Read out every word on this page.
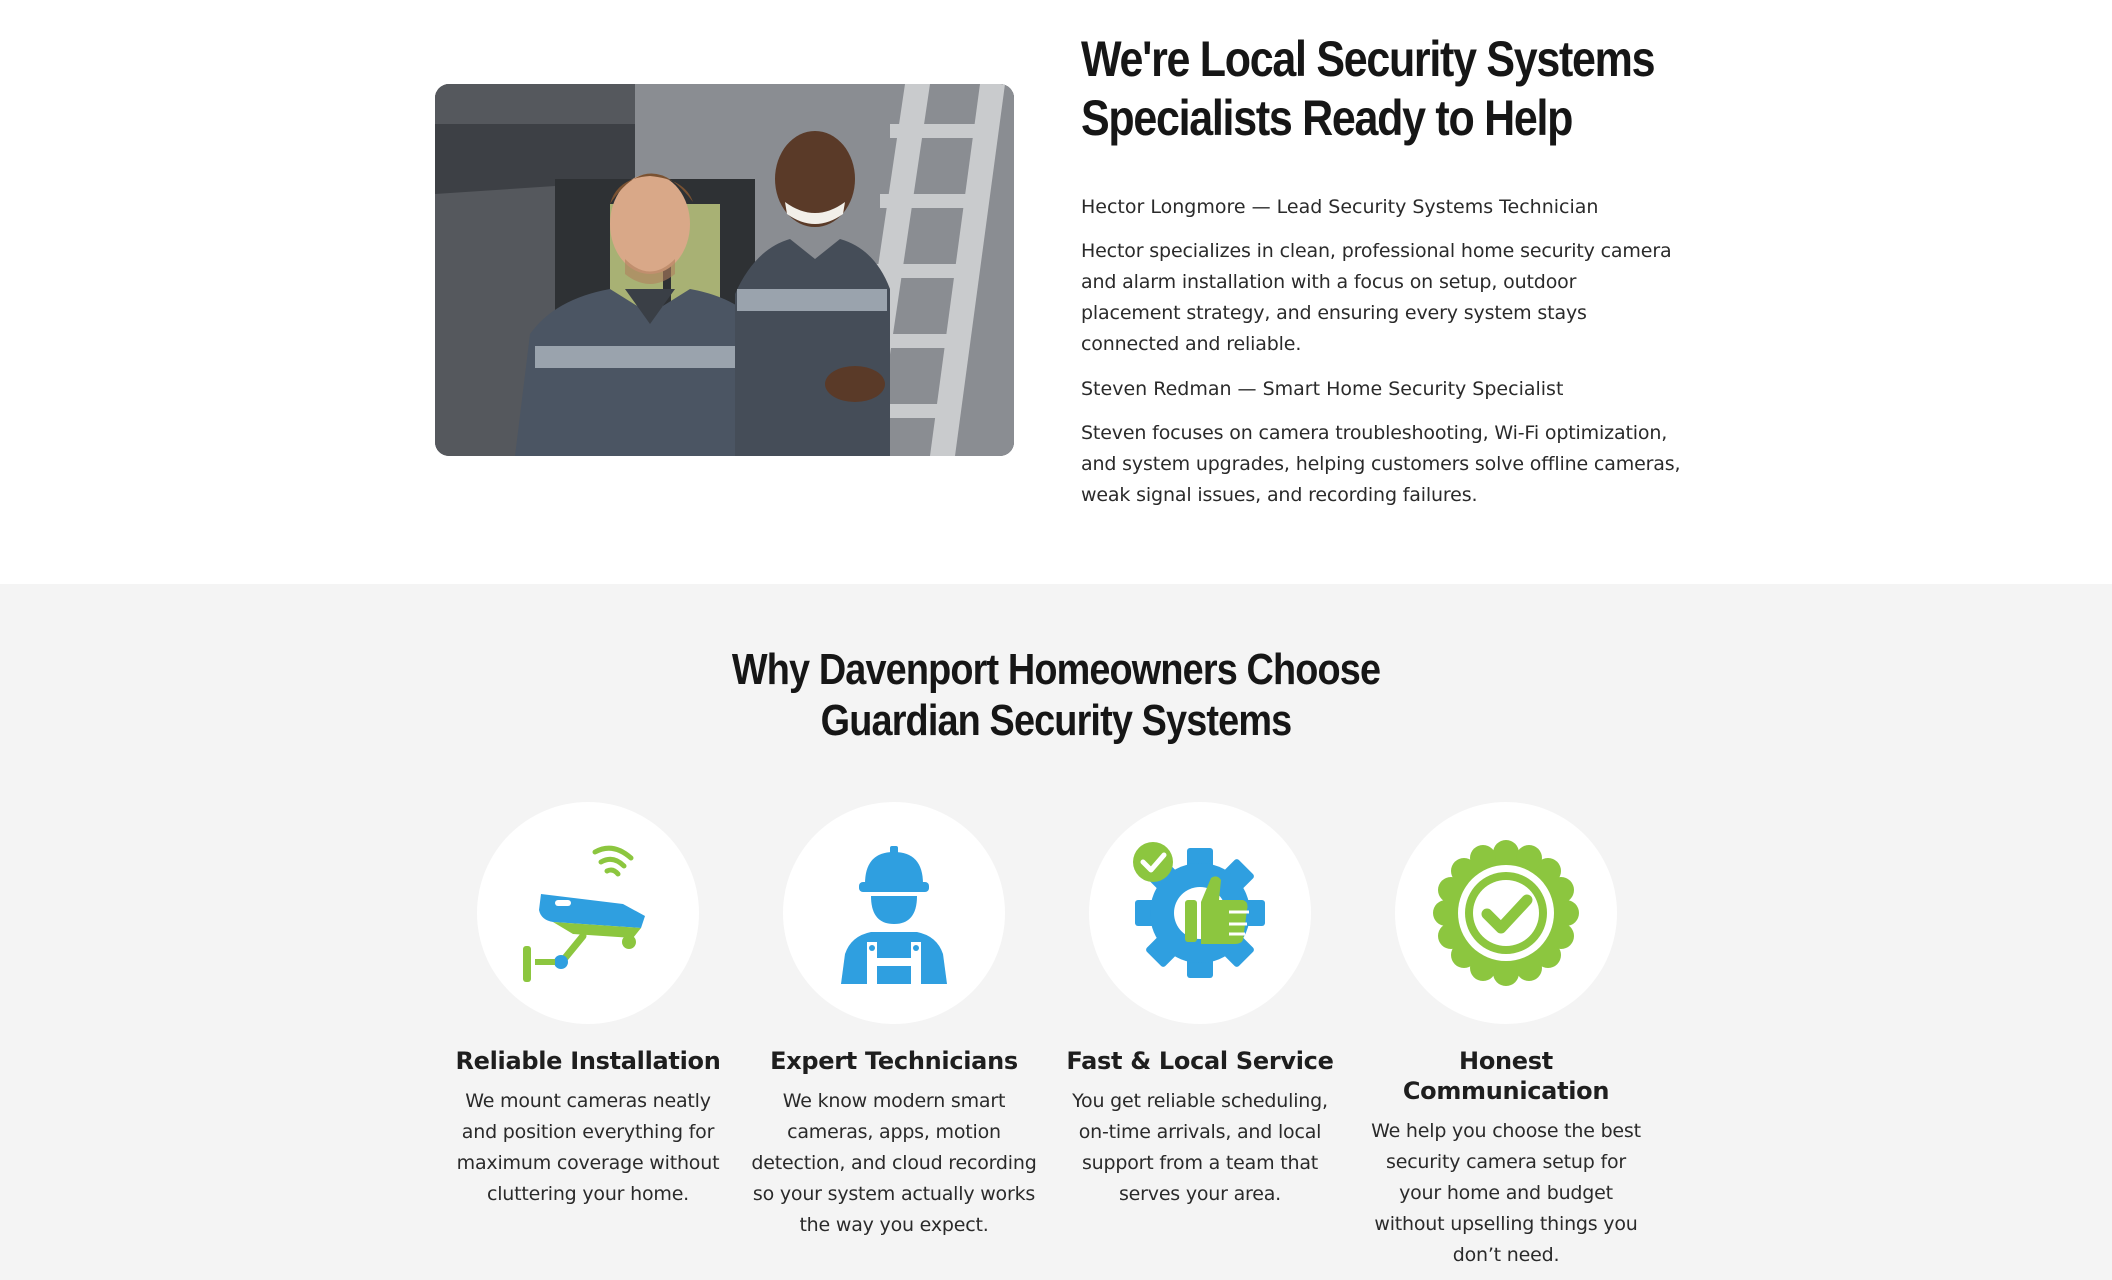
We're Local Security Systems Specialists Ready to Help

Hector Longmore — Lead Security Systems Technician

Hector specializes in clean, professional home security camera and alarm installation with a focus on setup, outdoor placement strategy, and ensuring every system stays connected and reliable.

Steven Redman — Smart Home Security Specialist

Steven focuses on camera troubleshooting, Wi-Fi optimization, and system upgrades, helping customers solve offline cameras, weak signal issues, and recording failures.

Why Davenport Homeowners Choose Guardian Security Systems
Reliable Installation

We mount cameras neatly and position everything for maximum coverage without cluttering your home.

Expert Technicians

We know modern smart cameras, apps, motion detection, and cloud recording so your system actually works the way you expect.

Fast & Local Service

You get reliable scheduling, on-time arrivals, and local support from a team that serves your area.

Honest Communication

We help you choose the best security camera setup for your home and budget without upselling things you don’t need.
